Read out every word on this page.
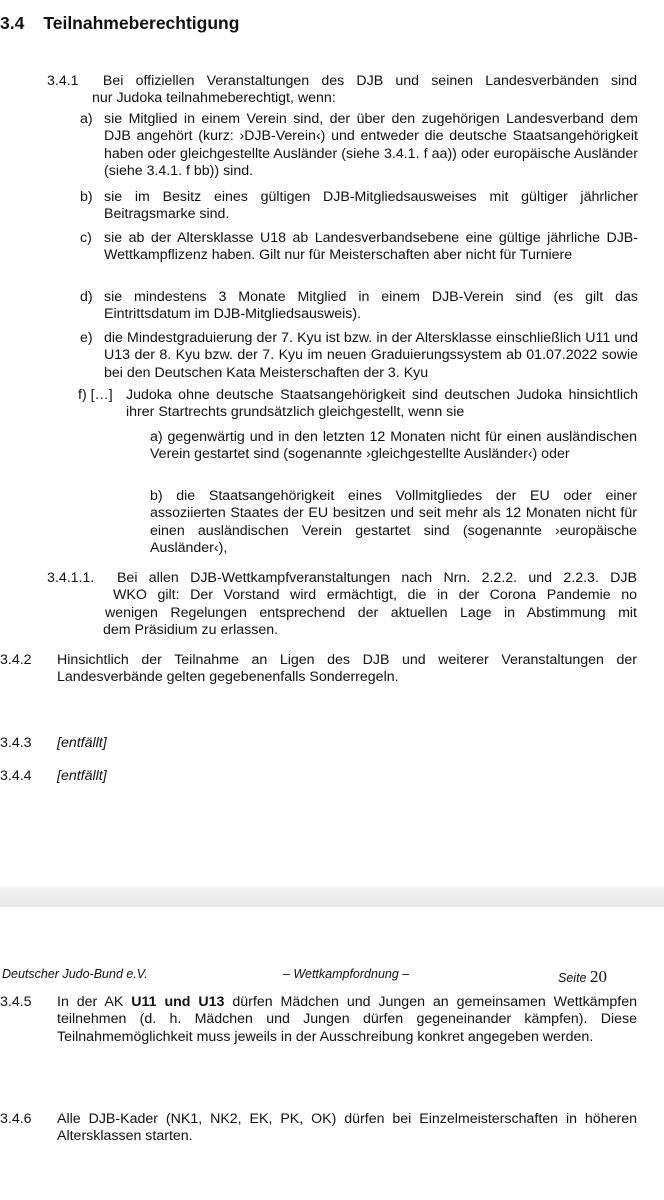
3.4 Teilnahmeberechtigung
3.4.1 Bei offiziellen Veranstaltungen des DJB und seinen Landesverbänden sind
nur Judoka teilnahmeberechtigt, wenn:
a) sie Mitglied in einem Verein sind, der über den zugehörigen Landesverband dem DJB angehört (kurz: ›DJB-Verein‹) und entweder die deutsche Staatsangehörigkeit haben oder gleichgestellte Ausländer (siehe 3.4.1. f aa)) oder europäische Ausländer (siehe 3.4.1. f bb)) sind.
b) sie im Besitz eines gültigen DJB-Mitgliedsausweises mit gültiger jährlicher Beitragsmarke sind.
c) sie ab der Altersklasse U18 ab Landesverbandsebene eine gültige jährliche DJB-Wettkampflizenz haben. Gilt nur für Meisterschaften aber nicht für Turniere
d) sie mindestens 3 Monate Mitglied in einem DJB-Verein sind (es gilt das Eintrittsdatum im DJB-Mitgliedsausweis).
e) die Mindestgraduierung der 7. Kyu ist bzw. in der Altersklasse einschließlich U11 und U13 der 8. Kyu bzw. der 7. Kyu im neuen Graduierungssystem ab 01.07.2022 sowie bei den Deutschen Kata Meisterschaften der 3. Kyu
f) […] Judoka ohne deutsche Staatsangehörigkeit sind deutschen Judoka hinsichtlich ihrer Startrechts grundsätzlich gleichgestellt, wenn sie
a) gegenwärtig und in den letzten 12 Monaten nicht für einen ausländischen Verein gestartet sind (sogenannte ›gleichgestellte Ausländer‹) oder
b) die Staatsangehörigkeit eines Vollmitgliedes der EU oder einer assoziierten Staates der EU besitzen und seit mehr als 12 Monaten nicht für einen ausländischen Verein gestartet sind (sogenannte ›europäische Ausländer‹),
3.4.1.1. Bei allen DJB-Wettkampfveranstaltungen nach Nrn. 2.2.2. und 2.2.3. DJB
WKO gilt: Der Vorstand wird ermächtigt, die in der Corona Pandemie no
wenigen Regelungen entsprechend der aktuellen Lage in Abstimmung mit
dem Präsidium zu erlassen.
3.4.2 Hinsichtlich der Teilnahme an Ligen des DJB und weiterer Veranstaltungen der Landesverbände gelten gegebenenfalls Sonderregeln.
3.4.3 [entfällt]
3.4.4 [entfällt]
Deutscher Judo-Bund e.V.	– Wettkampfordnung –	Seite 20
3.4.5 In der AK U11 und U13 dürfen Mädchen und Jungen an gemeinsamen Wettkämpfen teilnehmen (d. h. Mädchen und Jungen dürfen gegeneinander kämpfen). Diese Teilnahmemöglichkeit muss jeweils in der Ausschreibung konkret angegeben werden.
3.4.6 Alle DJB-Kader (NK1, NK2, EK, PK, OK) dürfen bei Einzelmeisterschaften in höheren Altersklassen starten.
